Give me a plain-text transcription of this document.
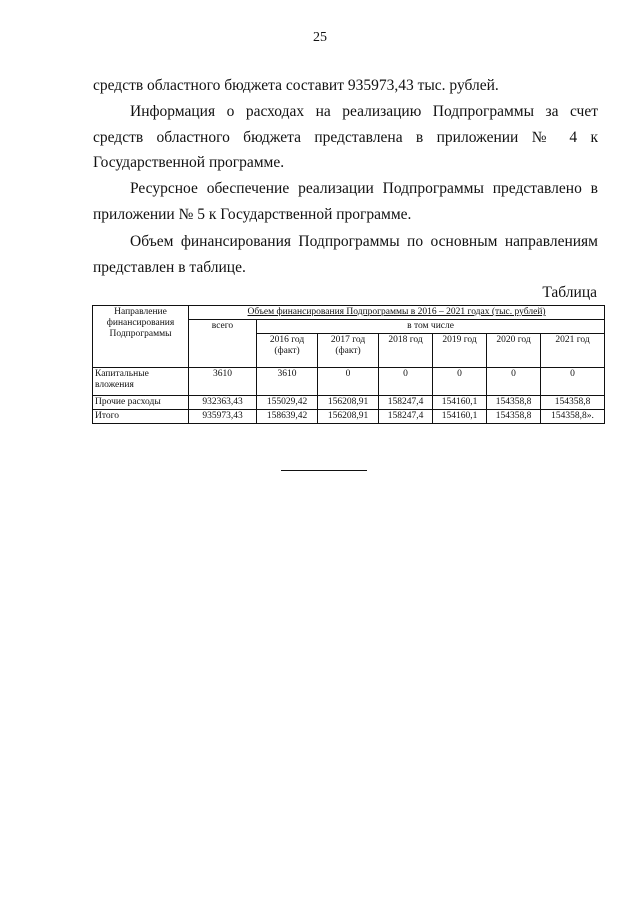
25

средств областного бюджета составит 935973,43 тыс. рублей.

Информация о расходах на реализацию Подпрограммы за счет средств областного бюджета представлена в приложении № 4 к Государственной программе.

Ресурсное обеспечение реализации Подпрограммы представлено в приложении № 5 к Государственной программе.

Объем финансирования Подпрограммы по основным направлениям представлен в таблице.

Таблица
Направление финансирования Подпрограммы	Объем финансирования Подпрограммы в 2016 – 2021 годах (тыс. рублей)						
	всего	в том числе					
		2016 год (факт)	2017 год (факт)	2018 год	2019 год	2020 год	2021 год
Капитальные вложения	3610	3610	0	0	0	0	0
Прочие расходы	932363,43	155029,42	156208,91	158247,4	154160,1	154358,8	154358,8
Итого	935973,43	158639,42	156208,91	158247,4	154160,1	154358,8	154358,8».
